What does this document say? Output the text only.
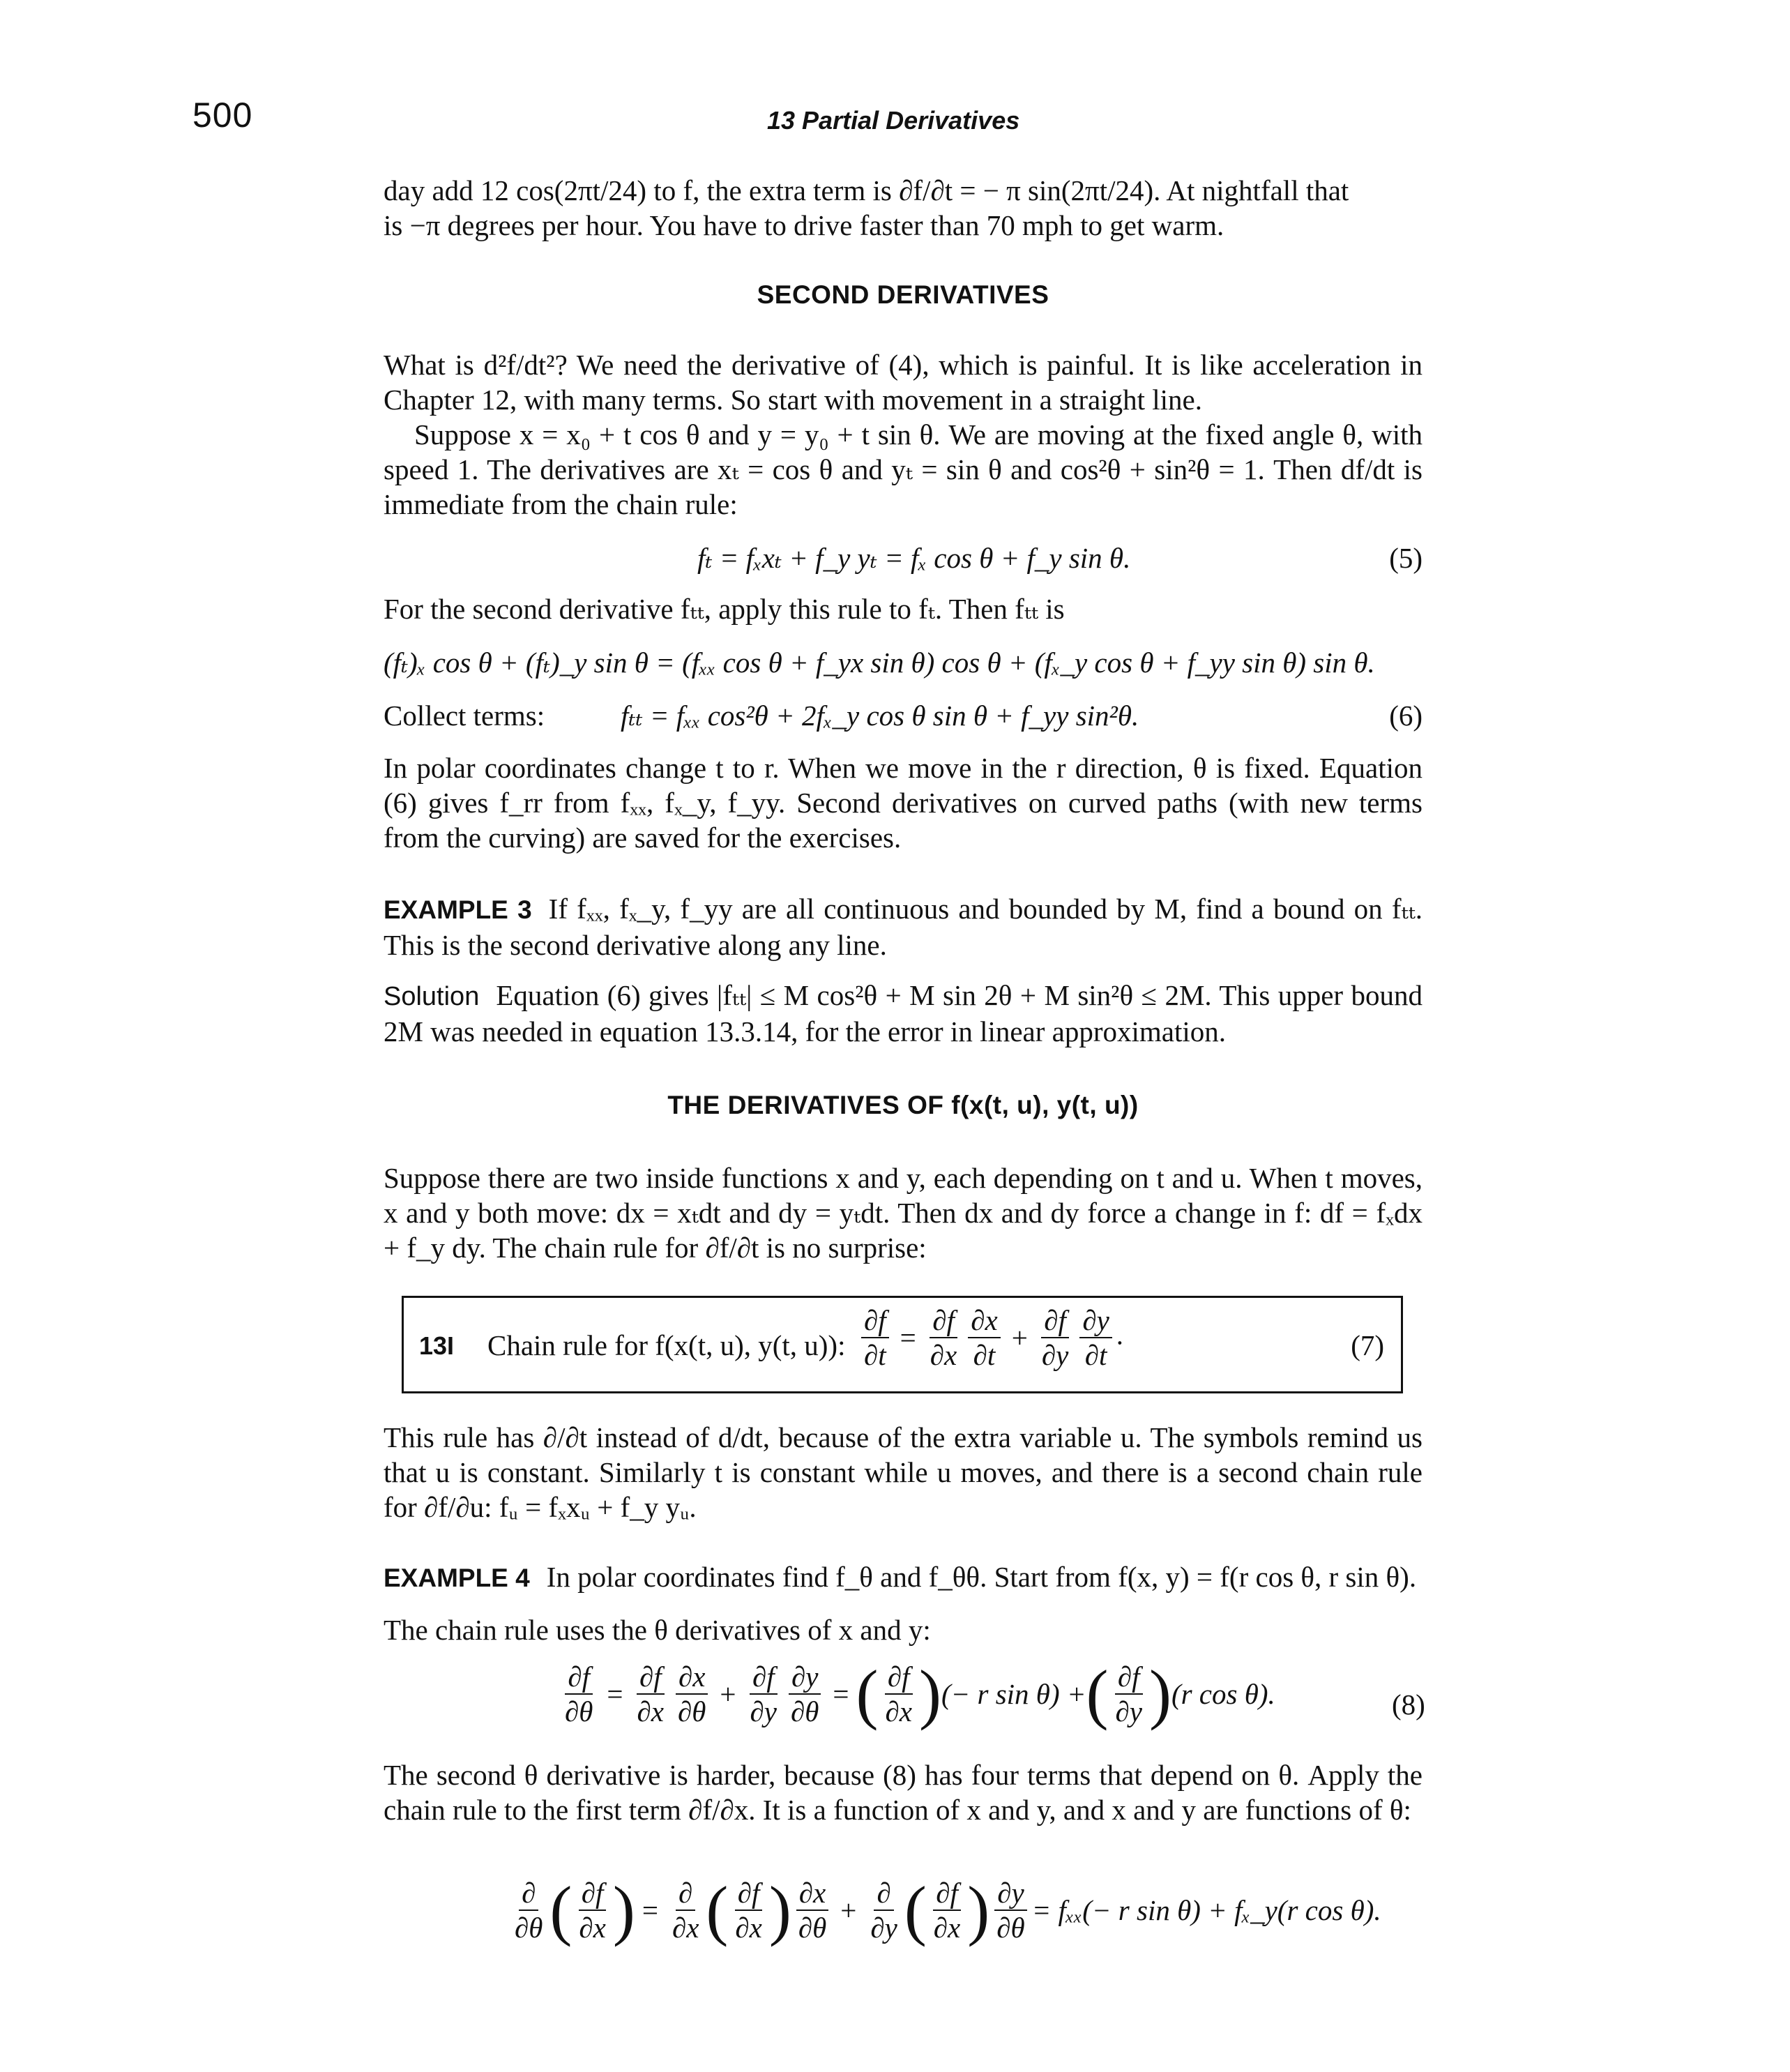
500	13 Partial Derivatives

day add 12 cos(2πt/24) to f, the extra term is ∂f/∂t = − π sin(2πt/24). At nightfall that

is −π degrees per hour. You have to drive faster than 70 mph to get warm.

SECOND DERIVATIVES

What is d²f/dt²? We need the derivative of (4), which is painful. It is like acceleration in Chapter 12, with many terms. So start with movement in a straight line.

Suppose x = x₀ + t cos θ and y = y₀ + t sin θ. We are moving at the fixed angle θ, with speed 1. The derivatives are xₜ = cos θ and yₜ = sin θ and cos²θ + sin²θ = 1. Then df/dt is immediate from the chain rule:

fₜ = fₓxₜ + f_y yₜ = fₓ cos θ + f_y sin θ.	(5)

For the second derivative fₜₜ, apply this rule to fₜ. Then fₜₜ is

(fₜ)ₓ cos θ + (fₜ)_y sin θ = (fₓₓ cos θ + f_yx sin θ) cos θ + (fₓ_y cos θ + f_yy sin θ) sin θ.
Collect terms:	fₜₜ = fₓₓ cos²θ + 2fₓ_y cos θ sin θ + f_yy sin²θ.	(6)

In polar coordinates change t to r. When we move in the r direction, θ is fixed. Equation (6) gives f_rr from fₓₓ, fₓ_y, f_yy. Second derivatives on curved paths (with new terms from the curving) are saved for the exercises.

EXAMPLE 3 If fₓₓ, fₓ_y, f_yy are all continuous and bounded by M, find a bound on fₜₜ. This is the second derivative along any line.

Solution Equation (6) gives |fₜₜ| ≤ M cos²θ + M sin 2θ + M sin²θ ≤ 2M. This upper bound 2M was needed in equation 13.3.14, for the error in linear approximation.

THE DERIVATIVES OF f(x(t, u), y(t, u))

Suppose there are two inside functions x and y, each depending on t and u. When t moves, x and y both move: dx = xₜdt and dy = yₜdt. Then dx and dy force a change in f: df = fₓdx + f_y dy. The chain rule for ∂f/∂t is no surprise:

13I Chain rule for f(x(t, u), y(t, u)): $\frac{\partial f}{\partial t} = \frac{\partial f}{\partial x} \frac{\partial x}{\partial t} + \frac{\partial f}{\partial y} \frac{\partial y}{\partial t}$ .	(7)

This rule has ∂/∂t instead of d/dt, because of the extra variable u. The symbols remind us that u is constant. Similarly t is constant while u moves, and there is a second chain rule for ∂f/∂u: fᵤ = fₓxᵤ + f_y yᵤ.

EXAMPLE 4 In polar coordinates find f_θ and f_θθ. Start from f(x, y) = f(r cos θ, r sin θ).

The chain rule uses the θ derivatives of x and y:

$\frac{\partial f}{\partial\theta} = \frac{\partial f}{\partial x} \frac{\partial x}{\partial\theta} + \frac{\partial f}{\partial y} \frac{\partial y}{\partial\theta}$ = ( $\frac{\partial f}{\partial x}$ )(− r sin θ) +( $\frac{\partial f}{\partial y} )(r$ cos θ).	(8)

The second θ derivative is harder, because (8) has four terms that depend on θ. Apply the chain rule to the first term ∂f/∂x. It is a function of x and y, and x and y are functions of θ:

$\frac{\partial}{\partial\theta}$ ( $\frac{\partial f}{\partial x}$ ) = $\frac{\partial}{\partial x}$ ( $\frac{\partial f}{\partial x}$ ) $\frac{\partial x}{\partial\theta} + \frac{\partial}{\partial y}$ ( $\frac{\partial f}{\partial x}$ ) $\frac{\partial y}{\partial\theta} = f_{xx}(- r$ sin θ) + fₓ_y(r cos θ).
